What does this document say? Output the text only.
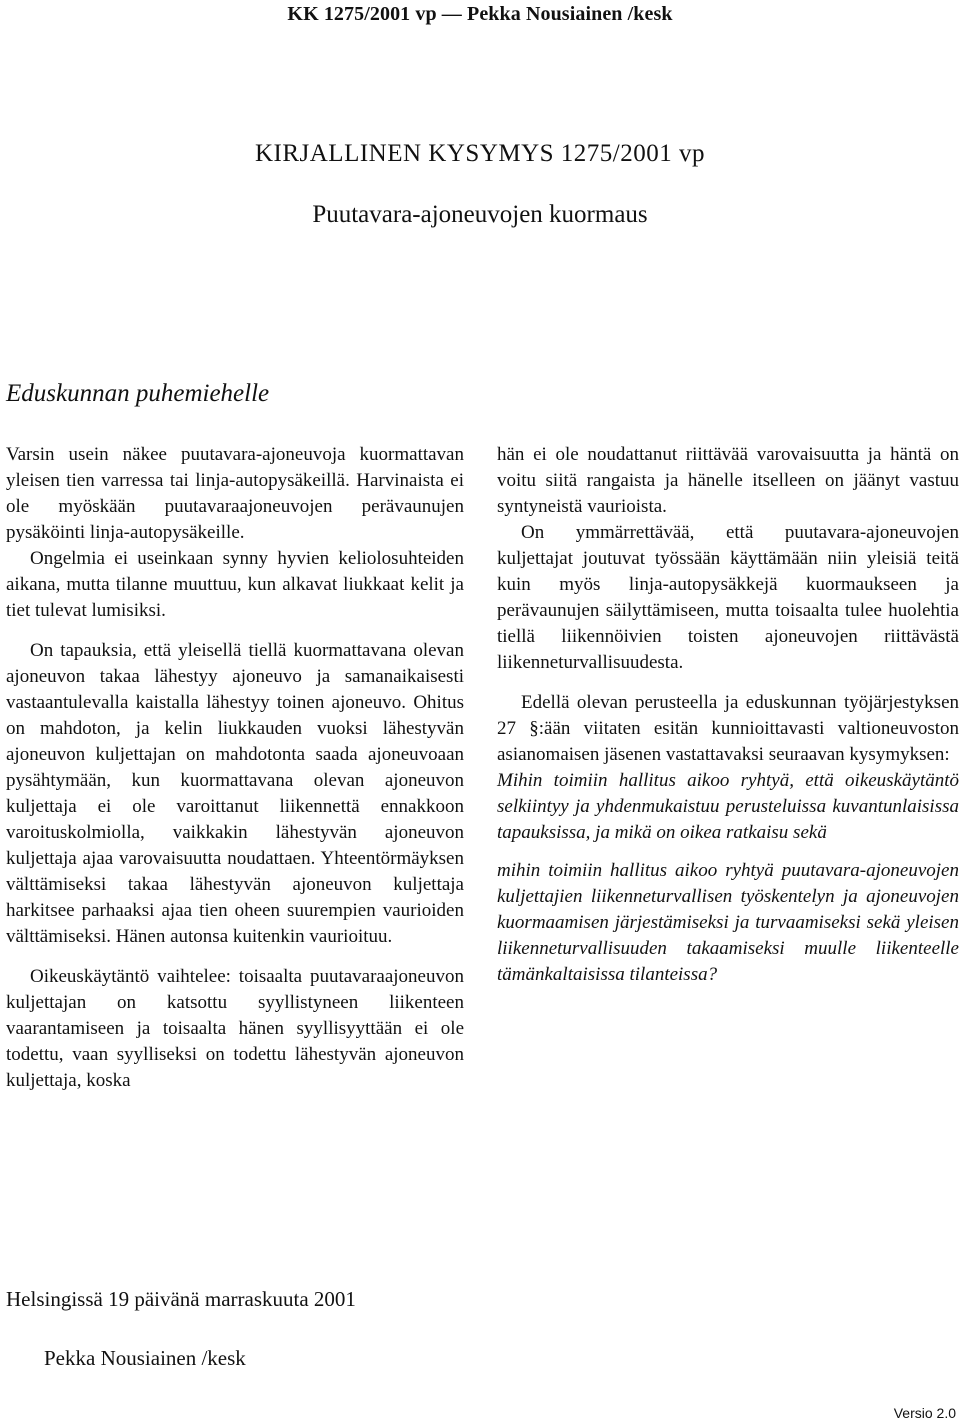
KK 1275/2001 vp — Pekka Nousiainen /kesk
KIRJALLINEN KYSYMYS 1275/2001 vp
Puutavara-ajoneuvojen kuormaus
Eduskunnan puhemiehelle

Varsin usein näkee puutavara-ajoneuvoja kuormattavan yleisen tien varressa tai linja-autopysäkeillä. Harvinaista ei ole myöskään puutavaraajoneuvojen perävaunujen pysäköinti linja-autopysäkeille.

Ongelmia ei useinkaan synny hyvien keliolosuhteiden aikana, mutta tilanne muuttuu, kun alkavat liukkaat kelit ja tiet tulevat lumisiksi.

On tapauksia, että yleisellä tiellä kuormattavana olevan ajoneuvon takaa lähestyy ajoneuvo ja samanaikaisesti vastaantulevalla kaistalla lähestyy toinen ajoneuvo. Ohitus on mahdoton, ja kelin liukkauden vuoksi lähestyvän ajoneuvon kuljettajan on mahdotonta saada ajoneuvoaan pysähtymään, kun kuormattavana olevan ajoneuvon kuljettaja ei ole varoittanut liikennettä ennakkoon varoituskolmiolla, vaikkakin lähestyvän ajoneuvon kuljettaja ajaa varovaisuutta noudattaen. Yhteentörmäyksen välttämiseksi takaa lähestyvän ajoneuvon kuljettaja harkitsee parhaaksi ajaa tien oheen suurempien vaurioiden välttämiseksi. Hänen autonsa kuitenkin vaurioituu.

Oikeuskäytäntö vaihtelee: toisaalta puutavaraajoneuvon kuljettajan on katsottu syyllistyneen liikenteen vaarantamiseen ja toisaalta hänen syyllisyyttään ei ole todettu, vaan syylliseksi on todettu lähestyvän ajoneuvon kuljettaja, koska

hän ei ole noudattanut riittävää varovaisuutta ja häntä on voitu siitä rangaista ja hänelle itselleen on jäänyt vastuu syntyneistä vaurioista.

On ymmärrettävää, että puutavara-ajoneuvojen kuljettajat joutuvat työssään käyttämään niin yleisiä teitä kuin myös linja-autopysäkkejä kuormaukseen ja perävaunujen säilyttämiseen, mutta toisaalta tulee huolehtia tiellä liikennöivien toisten ajoneuvojen riittävästä liikenneturvallisuudesta.

Edellä olevan perusteella ja eduskunnan työjärjestyksen 27 §:ään viitaten esitän kunnioittavasti valtioneuvoston asianomaisen jäsenen vastattavaksi seuraavan kysymyksen:

Mihin toimiin hallitus aikoo ryhtyä, että oikeuskäytäntö selkiintyy ja yhdenmukaistuu perusteluissa kuvantunlaisissa tapauksissa, ja mikä on oikea ratkaisu sekä

mihin toimiin hallitus aikoo ryhtyä puutavara-ajoneuvojen kuljettajien liikenneturvallisen työskentelyn ja ajoneuvojen kuormaamisen järjestämiseksi ja turvaamiseksi sekä yleisen liikenneturvallisuuden takaamiseksi muulle liikenteelle tämänkaltaisissa tilanteissa?

Helsingissä 19 päivänä marraskuuta 2001
Pekka Nousiainen /kesk
Versio 2.0
